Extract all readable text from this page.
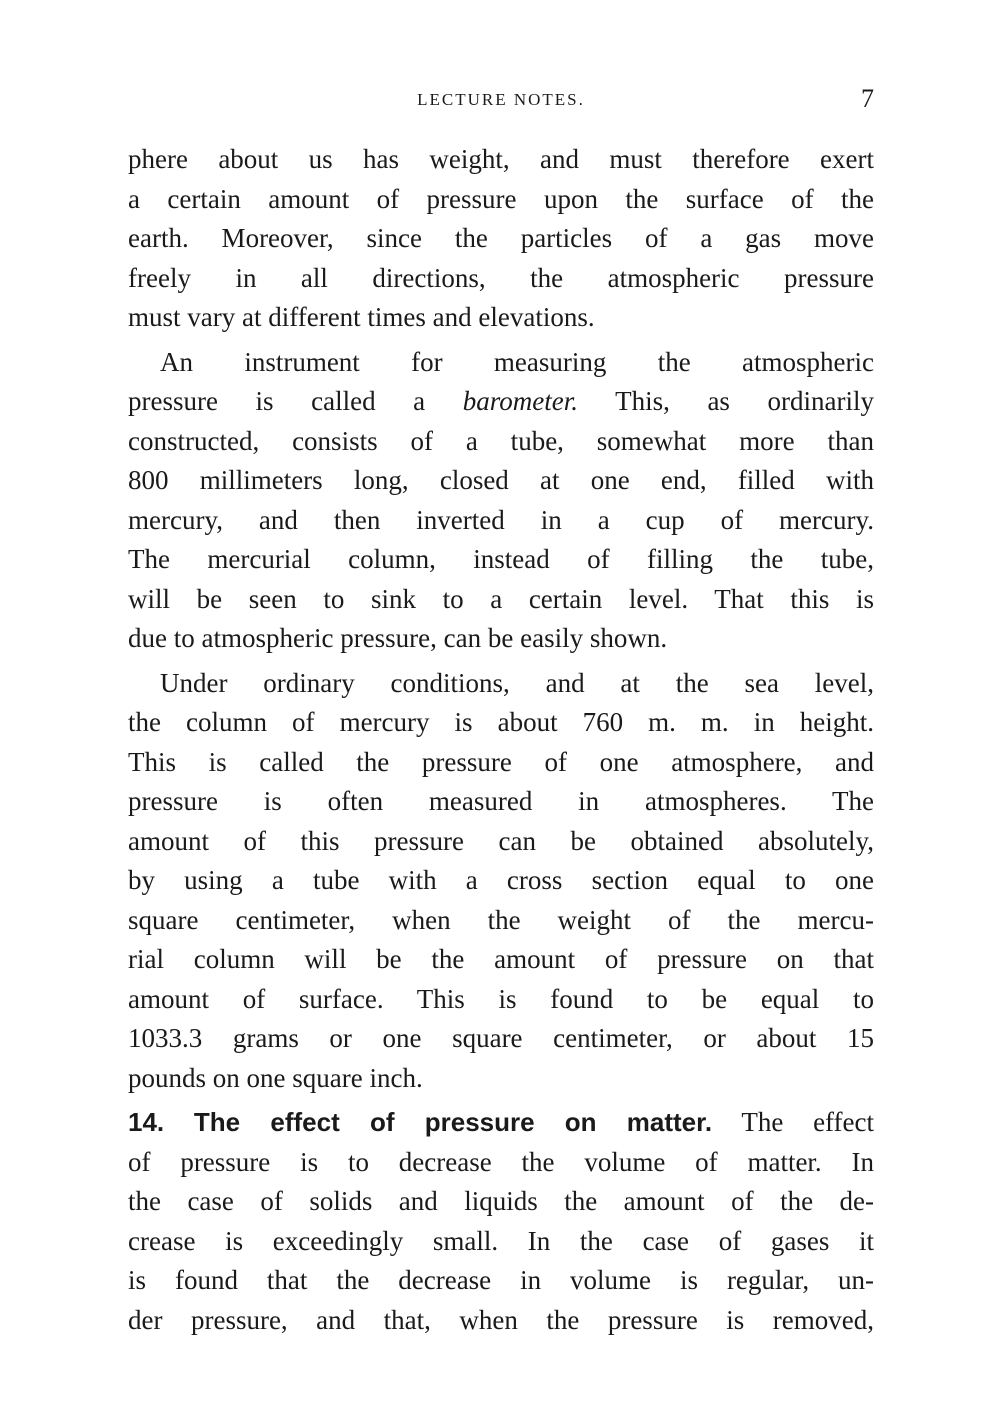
LECTURE NOTES.	7
phere about us has weight, and must therefore exert
a certain amount of pressure upon the surface of the
earth. Moreover, since the particles of a gas move
freely in all directions, the atmospheric pressure
must vary at different times and elevations.
An instrument for measuring the atmospheric
pressure is called a barometer. This, as ordinarily
constructed, consists of a tube, somewhat more than
800 millimeters long, closed at one end, filled with
mercury, and then inverted in a cup of mercury.
The mercurial column, instead of filling the tube,
will be seen to sink to a certain level. That this is
due to atmospheric pressure, can be easily shown.
Under ordinary conditions, and at the sea level,
the column of mercury is about 760 m. m. in height.
This is called the pressure of one atmosphere, and
pressure is often measured in atmospheres. The
amount of this pressure can be obtained absolutely,
by using a tube with a cross section equal to one
square centimeter, when the weight of the mercu-
rial column will be the amount of pressure on that
amount of surface. This is found to be equal to
1033.3 grams or one square centimeter, or about 15
pounds on one square inch.
14. The effect of pressure on matter. The effect
of pressure is to decrease the volume of matter. In
the case of solids and liquids the amount of the de-
crease is exceedingly small. In the case of gases it
is found that the decrease in volume is regular, un-
der pressure, and that, when the pressure is removed,
